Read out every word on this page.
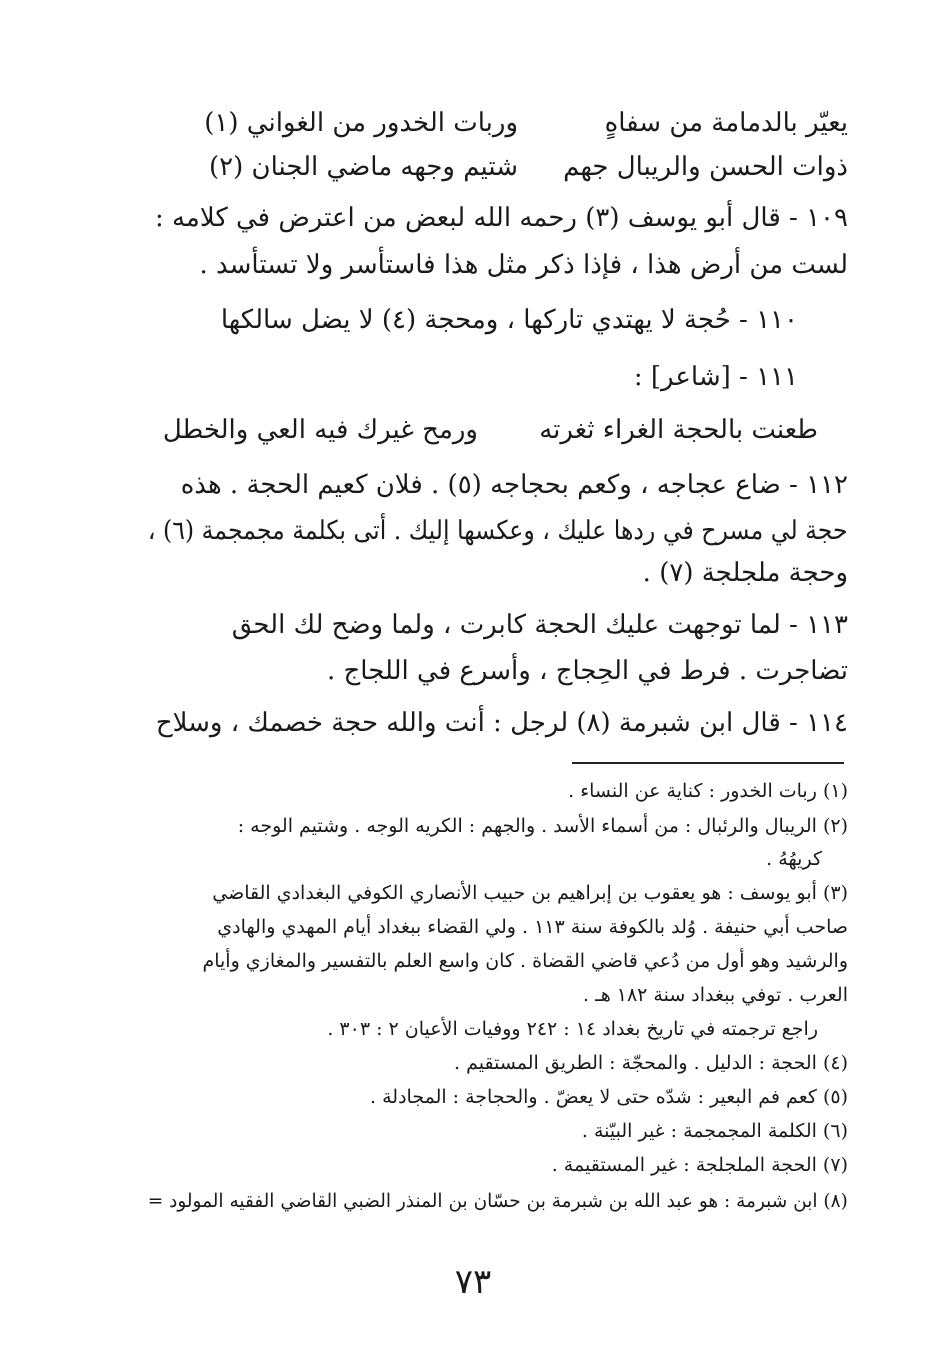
يعيّر بالدمامة من سفاهٍ
وربات الخدور من الغواني (١)
ذوات الحسن والريبال جهم
شتيم وجهه ماضي الجنان (٢)
١٠٩ - قال أبو يوسف (٣) رحمه الله لبعض من اعترض في كلامه :
لست من أرض هذا ، فإذا ذكر مثل هذا فاستأسر ولا تستأسد .
١١٠ - حُجة لا يهتدي تاركها ، ومحجة (٤) لا يضل سالكها
١١١ - [شاعر] :
طعنت بالحجة الغراء ثغرته
ورمح غيرك فيه العي والخطل
١١٢ - ضاع عجاجه ، وكعم بحجاجه (٥) . فلان كعيم الحجة . هذه
حجة لي مسرح في ردها عليك ، وعكسها إليك . أتى بكلمة مجمجمة (٦) ،
وحجة ملجلجة (٧) .
١١٣ - لما توجهت عليك الحجة كابرت ، ولما وضح لك الحق
تضاجرت . فرط في الحِجاج ، وأسرع في اللجاج .
١١٤ - قال ابن شبرمة (٨) لرجل : أنت والله حجة خصمك ، وسلاح
(١) ربات الخدور : كناية عن النساء .
(٢) الريبال والرئبال : من أسماء الأسد . والجهم : الكريه الوجه . وشتيم الوجه :
كريهُهُ .
(٣) أبو يوسف : هو يعقوب بن إبراهيم بن حبيب الأنصاري الكوفي البغدادي القاضي
صاحب أبي حنيفة . وُلد بالكوفة سنة ١١٣ . ولي القضاء ببغداد أيام المهدي والهادي
والرشيد وهو أول من دُعي قاضي القضاة . كان واسع العلم بالتفسير والمغازي وأيام
العرب . توفي ببغداد سنة ١٨٢ هـ .
راجع ترجمته في تاريخ بغداد ١٤ : ٢٤٢ ووفيات الأعيان ٢ : ٣٠٣ .
(٤) الحجة : الدليل . والمحجّة : الطريق المستقيم .
(٥) كعم فم البعير : شدّه حتى لا يعضّ . والحجاجة : المجادلة .
(٦) الكلمة المجمجمة : غير البيّنة .
(٧) الحجة الملجلجة : غير المستقيمة .
(٨) ابن شبرمة : هو عبد الله بن شبرمة بن حسّان بن المنذر الضبي القاضي الفقيه المولود =
٧٣
